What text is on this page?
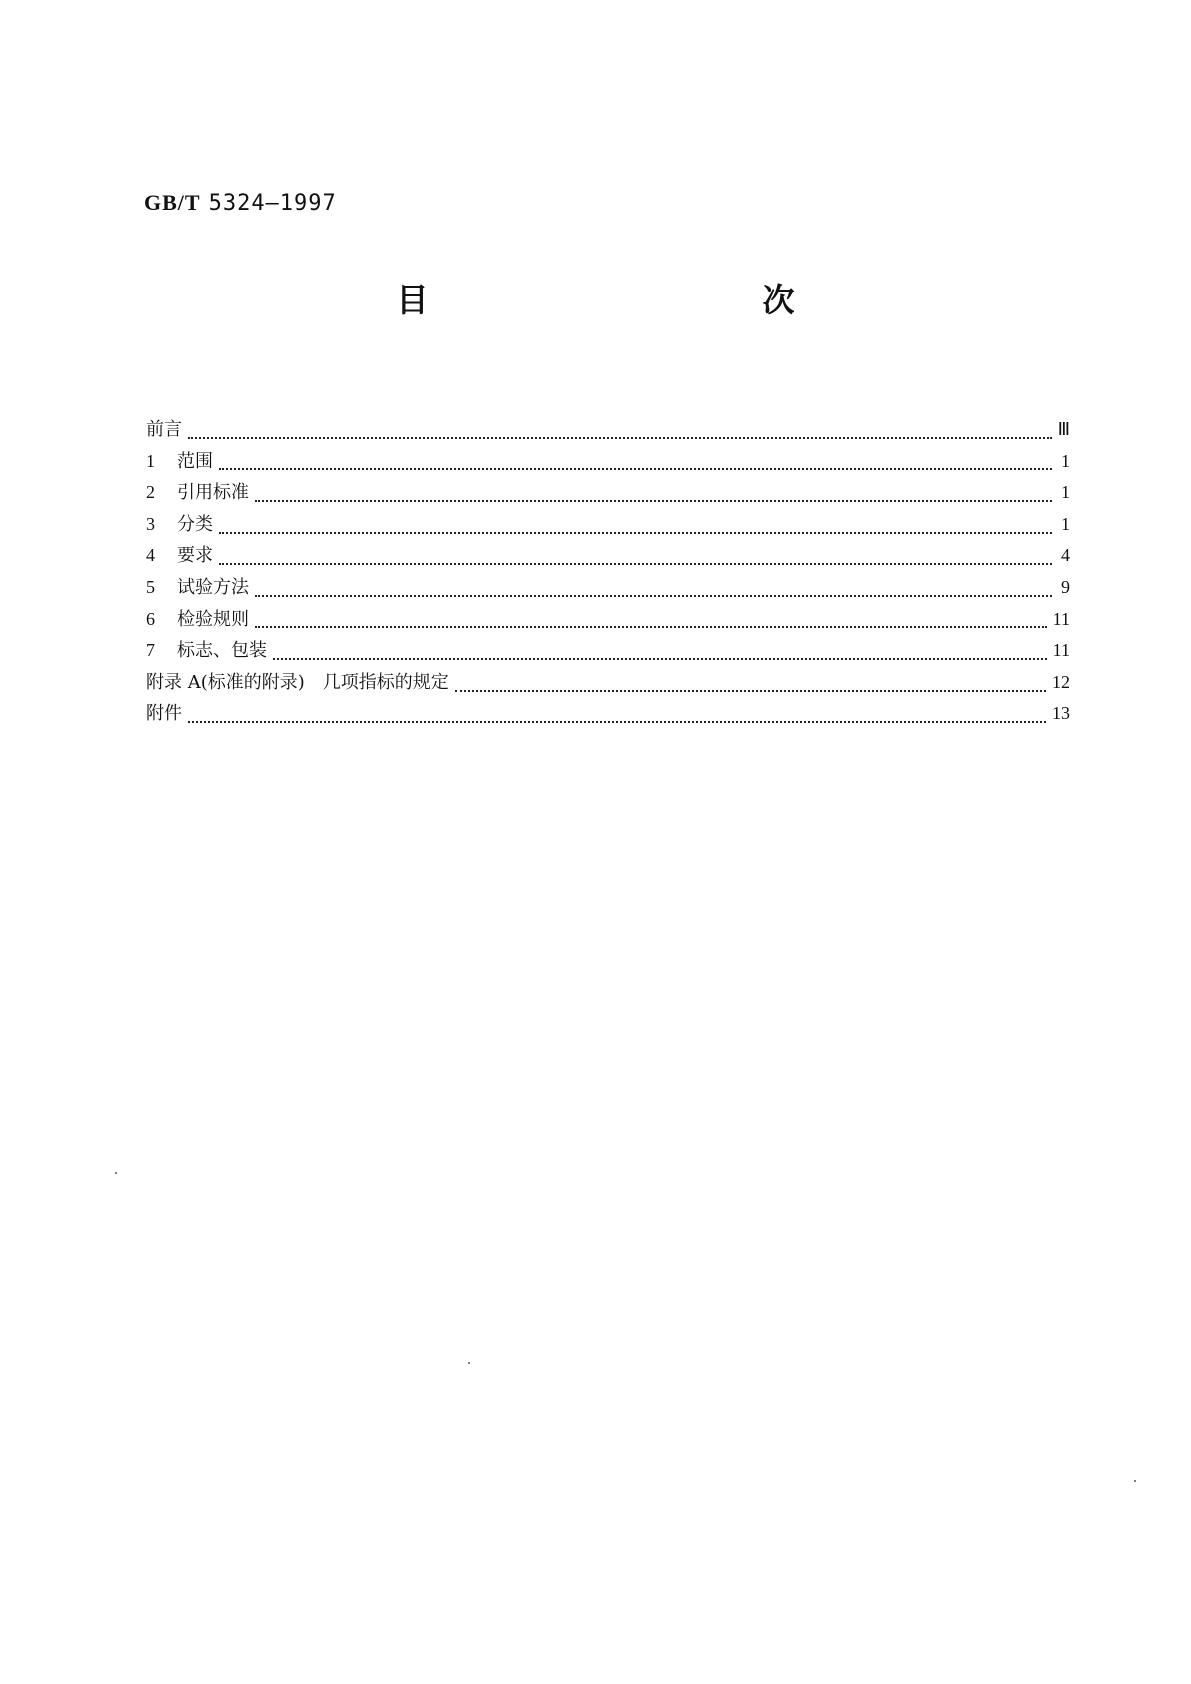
GB/T 5324—1997
目　　次
前言	Ⅲ
1	范围	1
2	引用标准	1
3	分类	1
4	要求	4
5	试验方法	9
6	检验规则	11
7	标志、包装	11
附录 A(标准的附录)　几项指标的规定	12
附件	13
